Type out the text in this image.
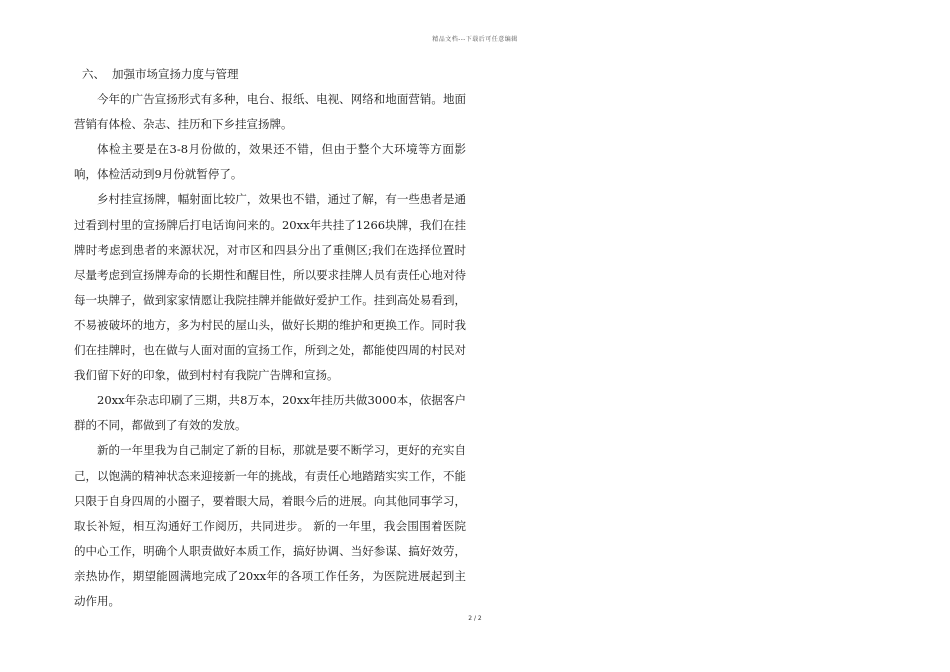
精品文档---下载后可任意编辑

六、 加强市场宣扬力度与管理

今年的广告宣扬形式有多种，电台、报纸、电视、网络和地面营销。地面营销有体检、杂志、挂历和下乡挂宣扬牌。

体检主要是在3-8月份做的，效果还不错，但由于整个大环境等方面影响，体检活动到9月份就暂停了。

乡村挂宣扬牌，幅射面比较广，效果也不错，通过了解，有一些患者是通过看到村里的宣扬牌后打电话询问来的。20xx年共挂了1266块牌，我们在挂牌时考虑到患者的来源状况，对市区和四县分出了重侧区;我们在选择位置时尽量考虑到宣扬牌寿命的长期性和醒目性，所以要求挂牌人员有责任心地对待每一块牌子，做到家家情愿让我院挂牌并能做好爱护工作。挂到高处易看到，不易被破坏的地方，多为村民的屋山头，做好长期的维护和更换工作。同时我们在挂牌时，也在做与人面对面的宣扬工作，所到之处，都能使四周的村民对我们留下好的印象，做到村村有我院广告牌和宣扬。

20xx年杂志印刷了三期，共8万本，20xx年挂历共做3000本，依据客户群的不同，都做到了有效的发放。

新的一年里我为自己制定了新的目标，那就是要不断学习，更好的充实自己，以饱满的精神状态来迎接新一年的挑战，有责任心地踏踏实实工作，不能只限于自身四周的小圈子，要着眼大局，着眼今后的进展。向其他同事学习，取长补短，相互沟通好工作阅历，共同进步。 新的一年里，我会围围着医院的中心工作，明确个人职责做好本质工作，搞好协调、当好参谋、搞好效劳，亲热协作，期望能圆满地完成了20xx年的各项工作任务，为医院进展起到主动作用。

2 / 2
